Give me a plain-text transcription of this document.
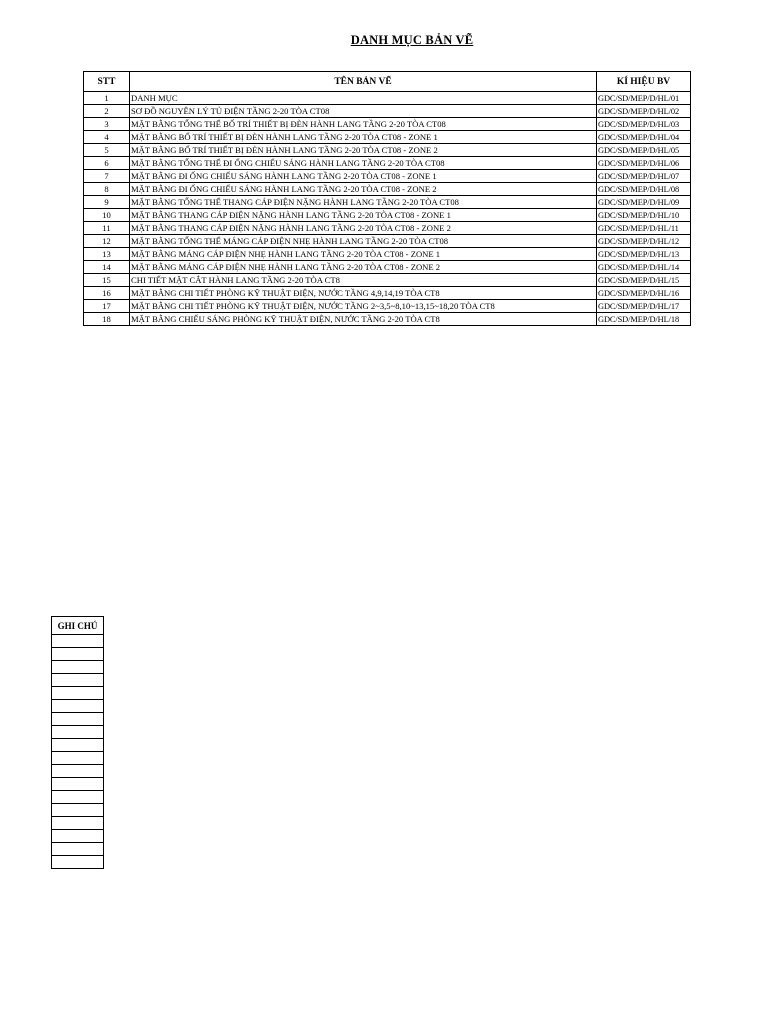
DANH MỤC BẢN VẼ
STT	TÊN BẢN VẼ	KÍ HIỆU BV
1	DANH MỤC	GDC/SD/MEP/D/HL/01
2	SƠ ĐỒ NGUYÊN LÝ TỦ ĐIỆN TẦNG 2-20 TÒA CT08	GDC/SD/MEP/D/HL/02
3	MẶT BẰNG TỔNG THỂ BỐ TRÍ THIẾT BỊ ĐÈN HÀNH LANG TẦNG 2-20 TÒA CT08	GDC/SD/MEP/D/HL/03
4	MẶT BẰNG BỐ TRÍ THIẾT BỊ ĐÈN HÀNH LANG TẦNG 2-20 TÒA CT08 - ZONE 1	GDC/SD/MEP/D/HL/04
5	MẶT BẰNG BỐ TRÍ THIẾT BỊ ĐÈN HÀNH LANG TẦNG 2-20 TÒA CT08 - ZONE 2	GDC/SD/MEP/D/HL/05
6	MẶT BẰNG TỔNG THỂ ĐI ỐNG CHIẾU SÁNG HÀNH LANG TẦNG 2-20 TÒA CT08	GDC/SD/MEP/D/HL/06
7	MẶT BẰNG ĐI ỐNG CHIẾU SÁNG HÀNH LANG TẦNG 2-20 TÒA CT08 - ZONE 1	GDC/SD/MEP/D/HL/07
8	MẶT BẰNG ĐI ỐNG CHIẾU SÁNG HÀNH LANG TẦNG 2-20 TÒA CT08 - ZONE 2	GDC/SD/MEP/D/HL/08
9	MẶT BẰNG TỔNG THỂ THANG CÁP ĐIỆN NẶNG HÀNH LANG TẦNG 2-20 TÒA CT08	GDC/SD/MEP/D/HL/09
10	MẶT BẰNG THANG CÁP ĐIỆN NẶNG HÀNH LANG TẦNG 2-20 TÒA CT08 - ZONE 1	GDC/SD/MEP/D/HL/10
11	MẶT BẰNG THANG CÁP ĐIỆN NẶNG HÀNH LANG TẦNG 2-20 TÒA CT08 - ZONE 2	GDC/SD/MEP/D/HL/11
12	MẶT BẰNG TỔNG THỂ MÁNG CÁP ĐIỆN NHẸ HÀNH LANG TẦNG 2-20 TÒA CT08	GDC/SD/MEP/D/HL/12
13	MẶT BẰNG MÁNG CÁP ĐIỆN NHẸ HÀNH LANG TẦNG 2-20 TÒA CT08 - ZONE 1	GDC/SD/MEP/D/HL/13
14	MẶT BẰNG MÁNG CÁP ĐIỆN NHẸ HÀNH LANG TẦNG 2-20 TÒA CT08 - ZONE 2	GDC/SD/MEP/D/HL/14
15	CHI TIẾT MẶT CẮT HÀNH LANG TẦNG 2-20 TÒA CT8	GDC/SD/MEP/D/HL/15
16	MẶT BẰNG CHI TIẾT PHÒNG KỸ THUẬT ĐIỆN, NƯỚC TẦNG 4,9,14,19 TÒA CT8	GDC/SD/MEP/D/HL/16
17	MẶT BẰNG CHI TIẾT PHÒNG KỸ THUẬT ĐIỆN, NƯỚC TẦNG 2~3,5~8,10~13,15~18,20 TÒA CT8	GDC/SD/MEP/D/HL/17
18	MẶT BẰNG CHIẾU SÁNG PHÒNG KỸ THUẬT ĐIỆN, NƯỚC TẦNG 2-20 TÒA CT8	GDC/SD/MEP/D/HL/18
GHI CHÚ
